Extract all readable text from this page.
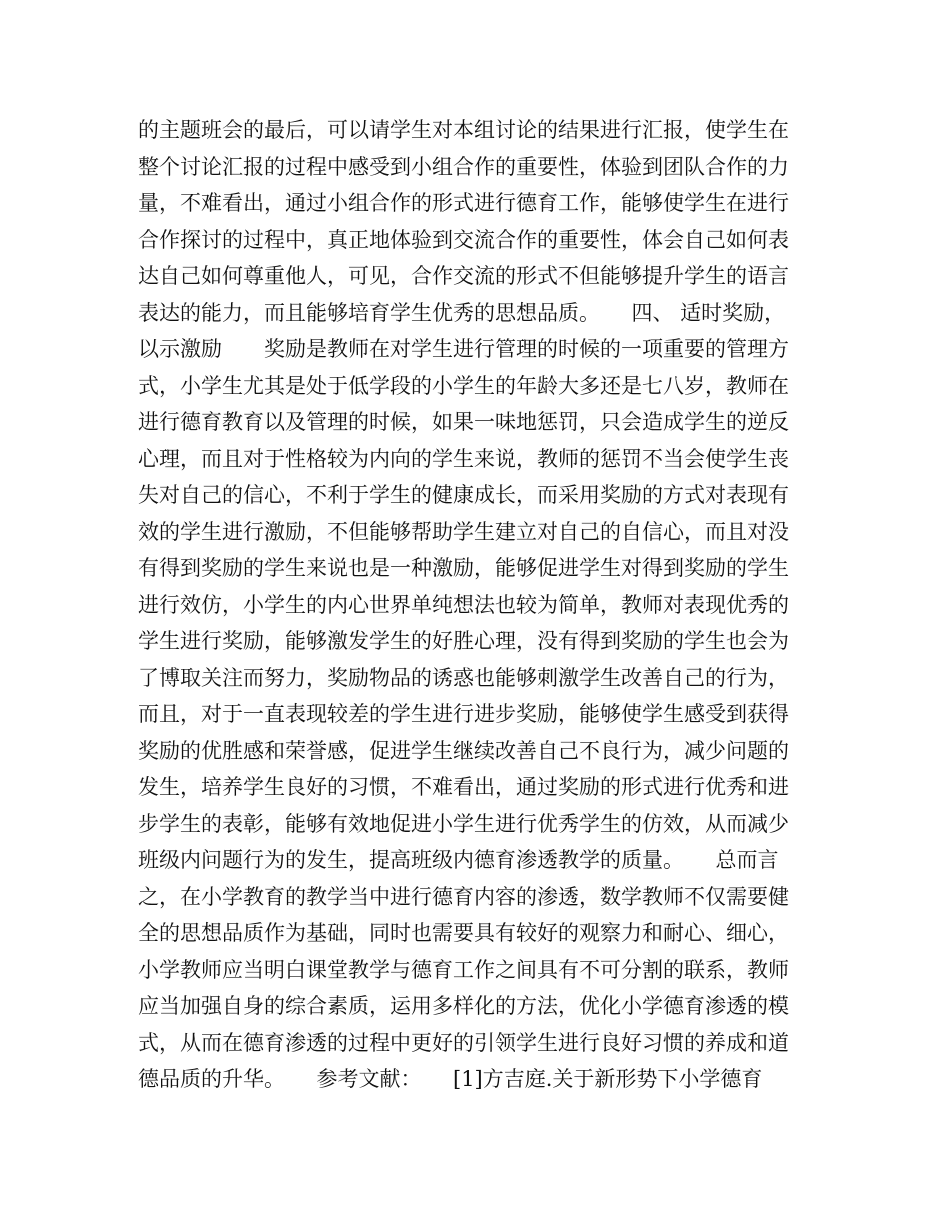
的主题班会的最后，可以请学生对本组讨论的结果进行汇报，使学生在
整个讨论汇报的过程中感受到小组合作的重要性，体验到团队合作的力
量，不难看出，通过小组合作的形式进行德育工作，能够使学生在进行
合作探讨的过程中，真正地体验到交流合作的重要性，体会自己如何表
达自己如何尊重他人，可见，合作交流的形式不但能够提升学生的语言
表达的能力，而且能够培育学生优秀的思想品质。　　四、 适时奖励，
以示激励　　奖励是教师在对学生进行管理的时候的一项重要的管理方
式，小学生尤其是处于低学段的小学生的年龄大多还是七八岁，教师在
进行德育教育以及管理的时候，如果一味地惩罚，只会造成学生的逆反
心理，而且对于性格较为内向的学生来说，教师的惩罚不当会使学生丧
失对自己的信心，不利于学生的健康成长，而采用奖励的方式对表现有
效的学生进行激励，不但能够帮助学生建立对自己的自信心，而且对没
有得到奖励的学生来说也是一种激励，能够促进学生对得到奖励的学生
进行效仿，小学生的内心世界单纯想法也较为简单，教师对表现优秀的
学生进行奖励，能够激发学生的好胜心理，没有得到奖励的学生也会为
了博取关注而努力，奖励物品的诱惑也能够刺激学生改善自己的行为，
而且，对于一直表现较差的学生进行进步奖励，能够使学生感受到获得
奖励的优胜感和荣誉感，促进学生继续改善自己不良行为，减少问题的
发生，培养学生良好的习惯，不难看出，通过奖励的形式进行优秀和进
步学生的表彰，能够有效地促进小学生进行优秀学生的仿效，从而减少
班级内问题行为的发生，提高班级内德育渗透教学的质量。　　总而言
之，在小学教育的教学当中进行德育内容的渗透，数学教师不仅需要健
全的思想品质作为基础，同时也需要具有较好的观察力和耐心、细心，
小学教师应当明白课堂教学与德育工作之间具有不可分割的联系，教师
应当加强自身的综合素质，运用多样化的方法，优化小学德育渗透的模
式，从而在德育渗透的过程中更好的引领学生进行良好习惯的养成和道
德品质的升华。　　参考文献：　　[1]方吉庭.关于新形势下小学德育
